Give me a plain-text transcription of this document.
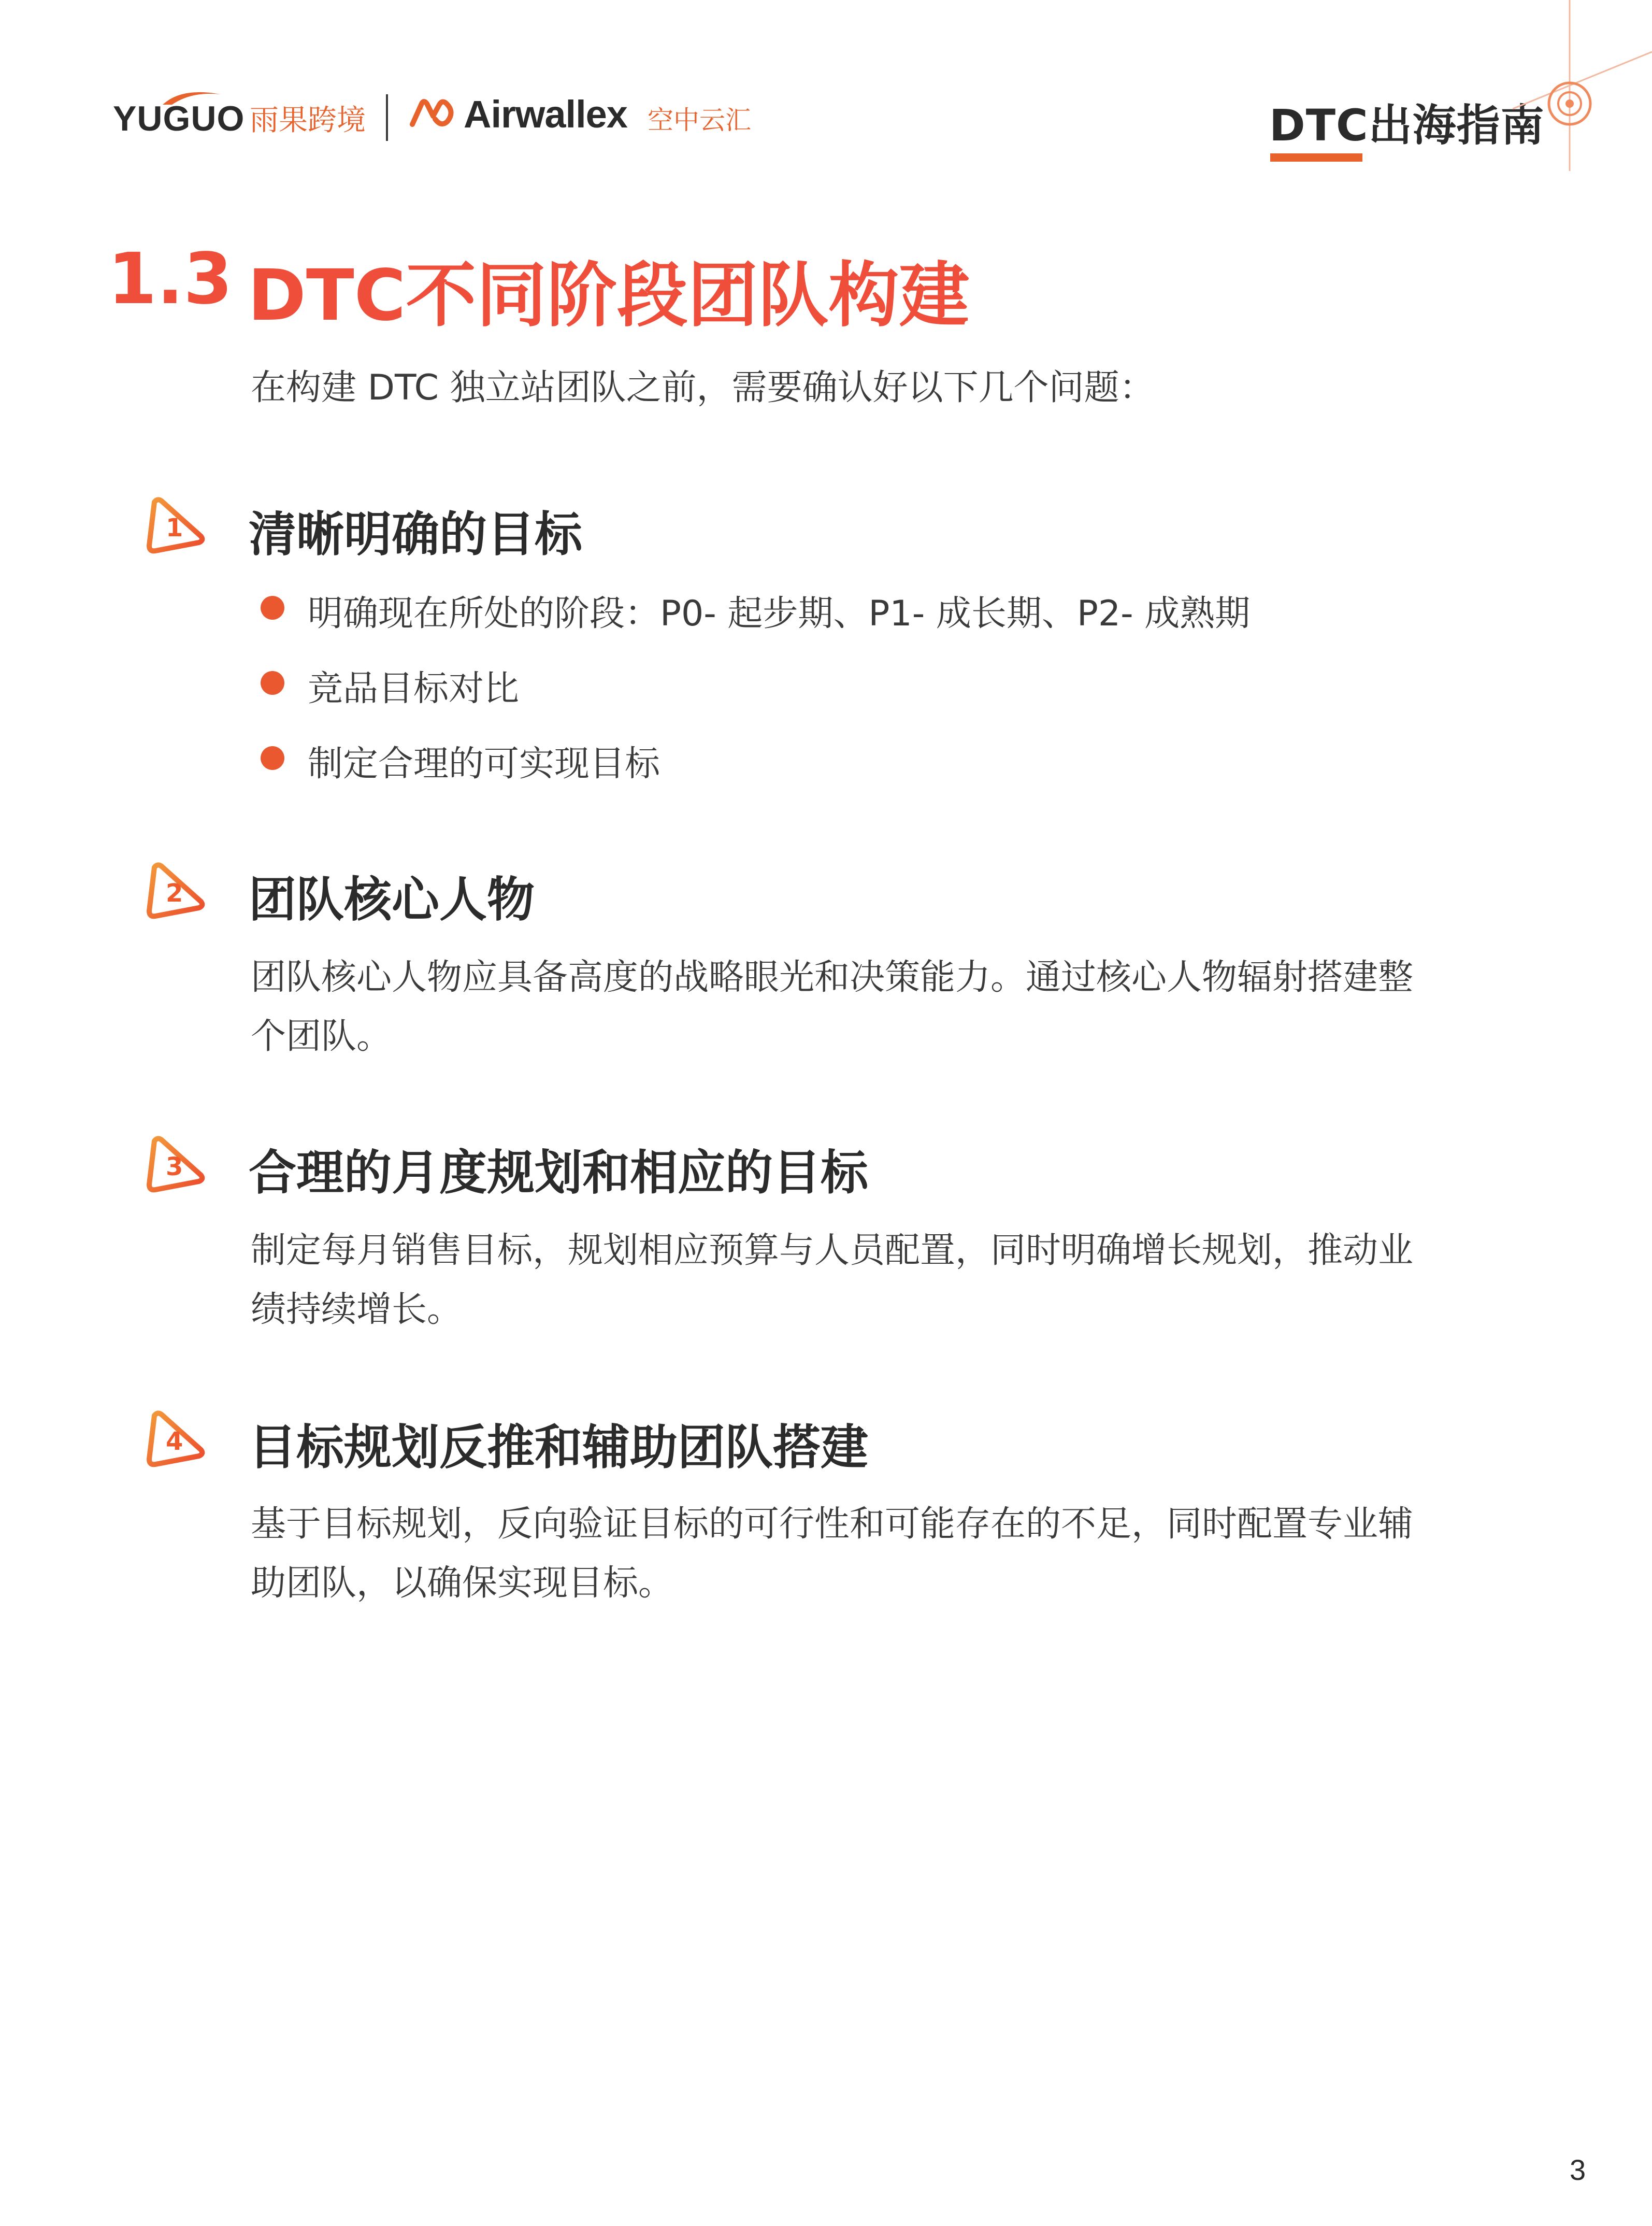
YUGUO 雨果跨境	Airwallex 空中云汇	DTC出海指南
1.3 DTC不同阶段团队构建
在构建 DTC 独立站团队之前，需要确认好以下几个问题：
1 清晰明确的目标
明确现在所处的阶段：P0- 起步期、P1- 成长期、P2- 成熟期
竞品目标对比
制定合理的可实现目标
2 团队核心人物
团队核心人物应具备高度的战略眼光和决策能力。通过核心人物辐射搭建整
个团队。
3 合理的月度规划和相应的目标
制定每月销售目标，规划相应预算与人员配置，同时明确增长规划，推动业
绩持续增长。
4 目标规划反推和辅助团队搭建
基于目标规划，反向验证目标的可行性和可能存在的不足，同时配置专业辅
助团队，以确保实现目标。
3
